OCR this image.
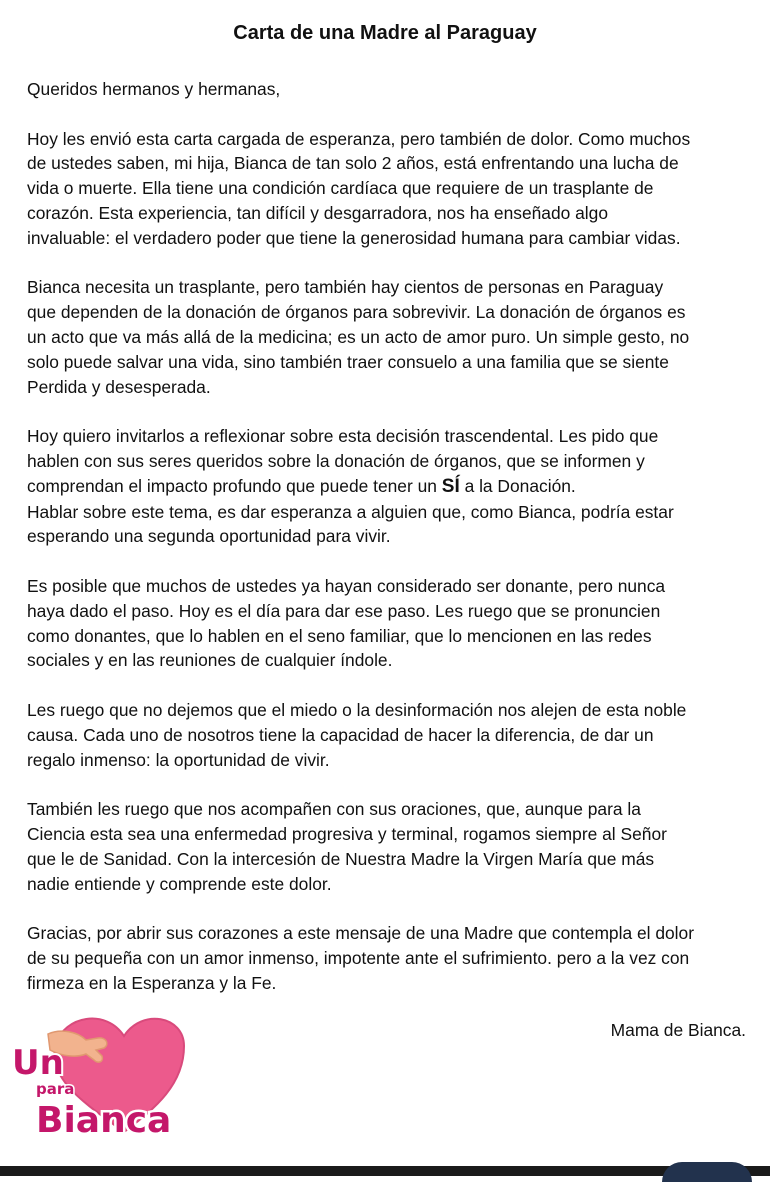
Carta de una Madre al Paraguay

Queridos hermanos y hermanas,

Hoy les envió esta carta cargada de esperanza, pero también de dolor. Como muchos
de ustedes saben, mi hija, Bianca de tan solo 2 años, está enfrentando una lucha de
vida o muerte. Ella tiene una condición cardíaca que requiere de un trasplante de
corazón. Esta experiencia, tan difícil y desgarradora, nos ha enseñado algo
invaluable: el verdadero poder que tiene la generosidad humana para cambiar vidas.

Bianca necesita un trasplante, pero también hay cientos de personas en Paraguay
que dependen de la donación de órganos para sobrevivir. La donación de órganos es
un acto que va más allá de la medicina; es un acto de amor puro. Un simple gesto, no
solo puede salvar una vida, sino también traer consuelo a una familia que se siente
Perdida y desesperada.

Hoy quiero invitarlos a reflexionar sobre esta decisión trascendental. Les pido que
hablen con sus seres queridos sobre la donación de órganos, que se informen y
comprendan el impacto profundo que puede tener un SÍ a la Donación.
Hablar sobre este tema, es dar esperanza a alguien que, como Bianca, podría estar
esperando una segunda oportunidad para vivir.

Es posible que muchos de ustedes ya hayan considerado ser donante, pero nunca
haya dado el paso. Hoy es el día para dar ese paso. Les ruego que se pronuncien
como donantes, que lo hablen en el seno familiar, que lo mencionen en las redes
sociales y en las reuniones de cualquier índole.

Les ruego que no dejemos que el miedo o la desinformación nos alejen de esta noble
causa. Cada uno de nosotros tiene la capacidad de hacer la diferencia, de dar un
regalo inmenso: la oportunidad de vivir.

También les ruego que nos acompañen con sus oraciones, que, aunque para la
Ciencia esta sea una enfermedad progresiva y terminal, rogamos siempre al Señor
que le de Sanidad. Con la intercesión de Nuestra Madre la Virgen María que más
nadie entiende y comprende este dolor.

Gracias, por abrir sus corazones a este mensaje de una Madre que contempla el dolor
de su pequeña con un amor inmenso, impotente ante el sufrimiento. pero a la vez con
firmeza en la Esperanza y la Fe.

Mama de Bianca.
Un
para
Bianca
